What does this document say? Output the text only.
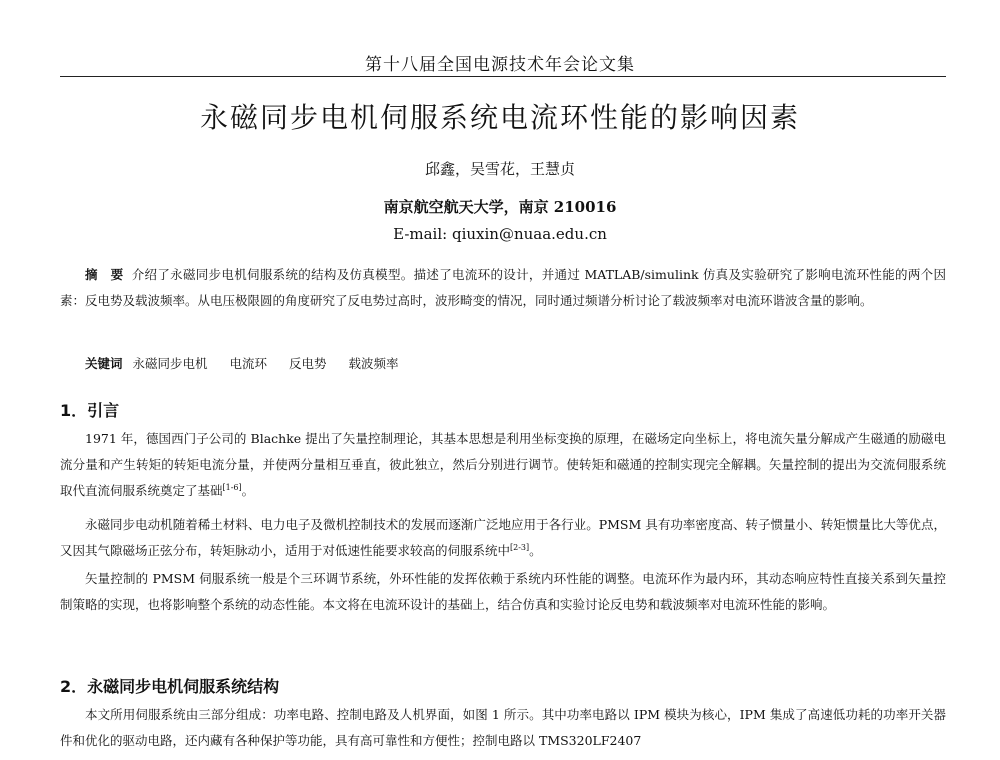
第十八届全国电源技术年会论文集
永磁同步电机伺服系统电流环性能的影响因素
邱鑫，吴雪花，王慧贞
南京航空航天大学，南京 210016
E-mail: qiuxin@nuaa.edu.cn
摘　要 介绍了永磁同步电机伺服系统的结构及仿真模型。描述了电流环的设计，并通过 MATLAB/simulink 仿真及实验研究了影响电流环性能的两个因素：反电势及载波频率。从电压极限圆的角度研究了反电势过高时，波形畸变的情况，同时通过频谱分析讨论了载波频率对电流环谐波含量的影响。
关键词 永磁同步电机 电流环 反电势 载波频率
1．引言
1971 年，德国西门子公司的 Blachke 提出了矢量控制理论，其基本思想是利用坐标变换的原理，在磁场定向坐标上，将电流矢量分解成产生磁通的励磁电流分量和产生转矩的转矩电流分量，并使两分量相互垂直，彼此独立，然后分别进行调节。使转矩和磁通的控制实现完全解耦。矢量控制的提出为交流伺服系统取代直流伺服系统奠定了基础[1-6]。
永磁同步电动机随着稀土材料、电力电子及微机控制技术的发展而逐渐广泛地应用于各行业。PMSM 具有功率密度高、转子惯量小、转矩惯量比大等优点，又因其气隙磁场正弦分布，转矩脉动小，适用于对低速性能要求较高的伺服系统中[2-3]。
矢量控制的 PMSM 伺服系统一般是个三环调节系统，外环性能的发挥依赖于系统内环性能的调整。电流环作为最内环，其动态响应特性直接关系到矢量控制策略的实现，也将影响整个系统的动态性能。本文将在电流环设计的基础上，结合仿真和实验讨论反电势和载波频率对电流环性能的影响。
2．永磁同步电机伺服系统结构
本文所用伺服系统由三部分组成：功率电路、控制电路及人机界面，如图 1 所示。其中功率电路以 IPM 模块为核心，IPM 集成了高速低功耗的功率开关器件和优化的驱动电路，还内藏有各种保护等功能，具有高可靠性和方便性；控制电路以 TMS320LF2407
